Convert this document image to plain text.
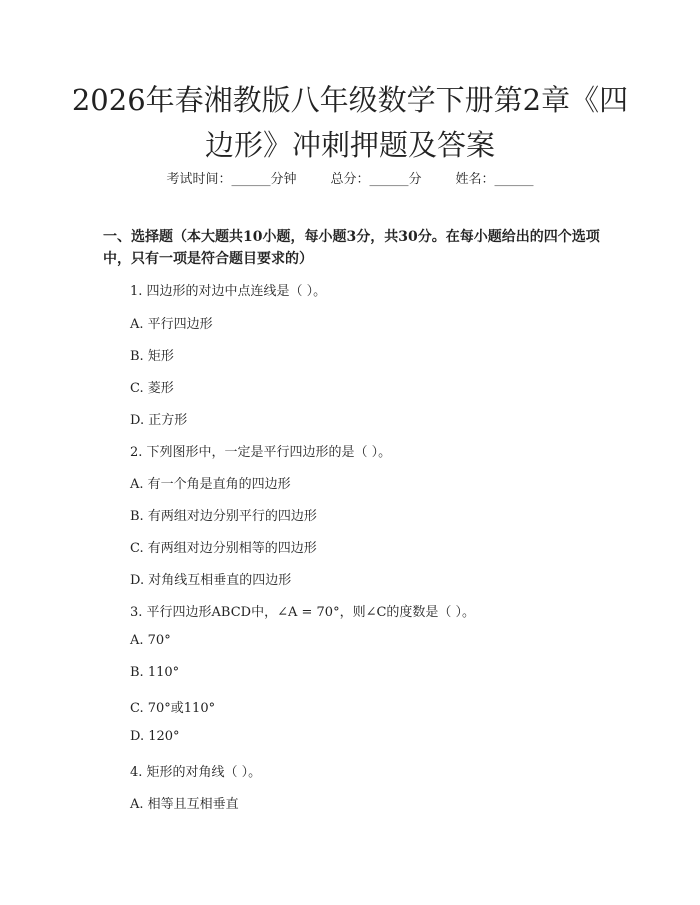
2026年春湘教版八年级数学下册第2章《四
边形》冲刺押题及答案
考试时间：______分钟	总分：______分	姓名：______
一、选择题（本大题共10小题，每小题3分，共30分。在每小题给出的四个选项中，只有一项是符合题目要求的）
1. 四边形的对边中点连线是（ ）。
A. 平行四边形
B. 矩形
C. 菱形
D. 正方形
2. 下列图形中，一定是平行四边形的是（ ）。
A. 有一个角是直角的四边形
B. 有两组对边分别平行的四边形
C. 有两组对边分别相等的四边形
D. 对角线互相垂直的四边形
3. 平行四边形ABCD中，∠A = 70°，则∠C的度数是（ ）。
A. 70°
B. 110°
C. 70°或110°
D. 120°
4. 矩形的对角线（ ）。
A. 相等且互相垂直
